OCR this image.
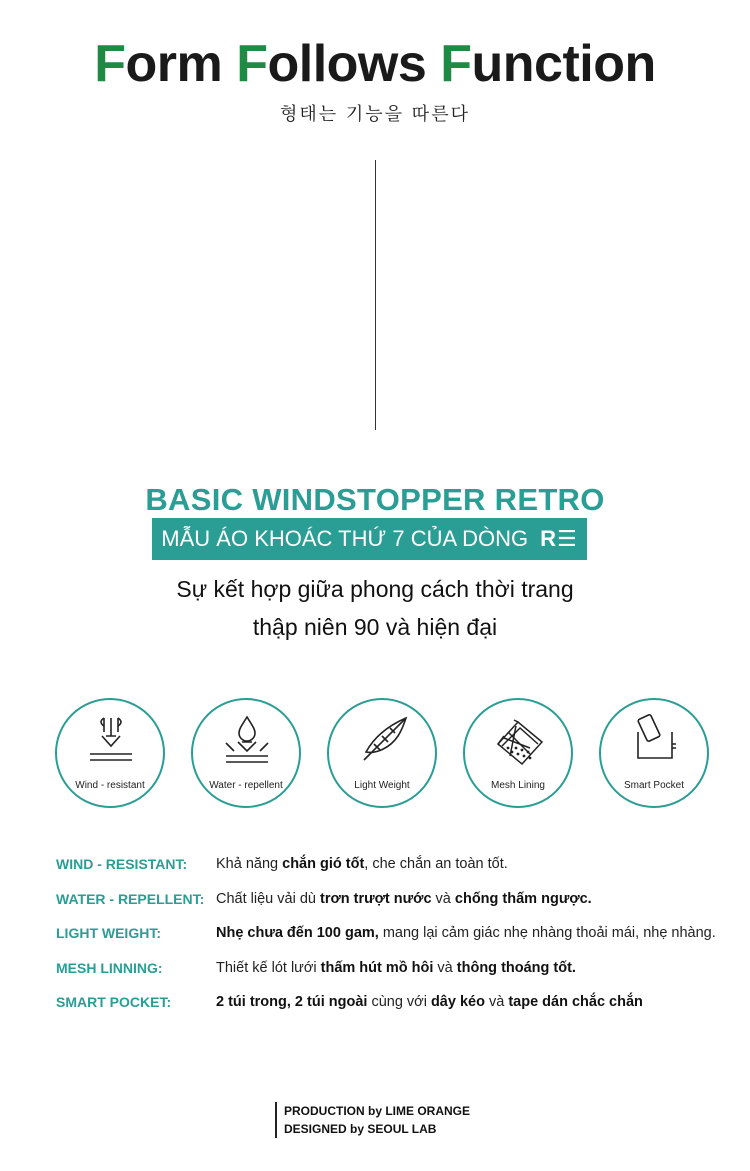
Form Follows Function
형태는 기능을 따른다
BASIC WINDSTOPPER RETRO
MẪU ÁO KHOÁC THỨ 7 CỦA DÒNG R☰
Sự kết hợp giữa phong cách thời trang
thập niên 90 và hiện đại
Wind - resistant	Water - repellent	Light Weight	Mesh Lining	Smart Pocket
WIND - RESISTANT: Khả năng chắn gió tốt, che chắn an toàn tốt.
WATER - REPELLENT: Chất liệu vải dù trơn trượt nước và chống thấm ngược.
LIGHT WEIGHT:	Nhẹ chưa đến 100 gam, mang lại cảm giác nhẹ nhàng thoải mái, nhẹ nhàng.
MESH LINNING:	Thiết kế lót lưới thấm hút mồ hôi và thông thoáng tốt.
SMART POCKET:	2 túi trong, 2 túi ngoài cùng với dây kéo và tape dán chắc chắn
PRODUCTION by LIME ORANGE
DESIGNED by SEOUL LAB
